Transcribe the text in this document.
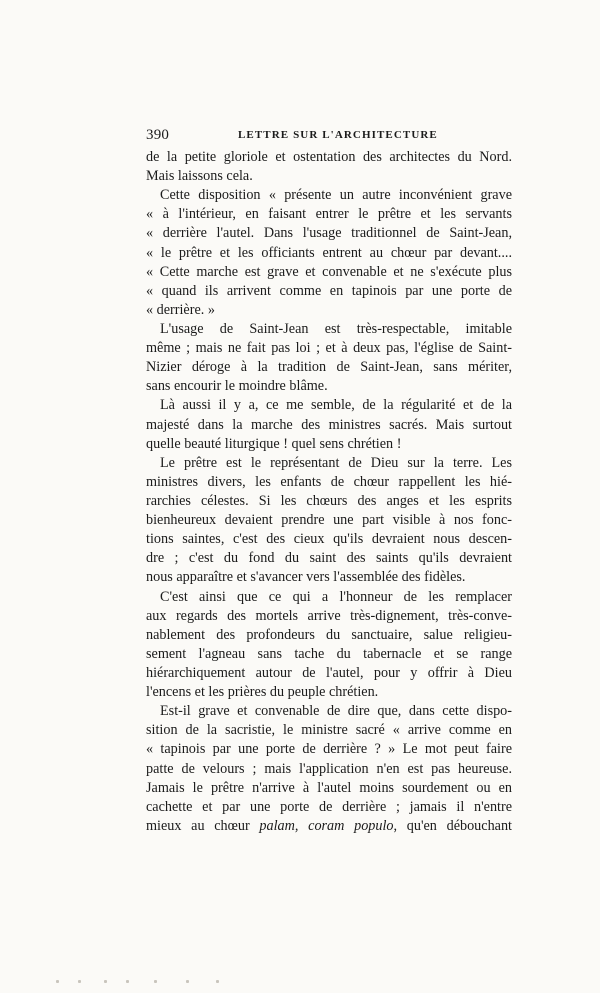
390	LETTRE SUR L'ARCHITECTURE
de la petite gloriole et ostentation des architectes du Nord.
Mais laissons cela.
Cette disposition « présente un autre inconvénient grave
« à l'intérieur, en faisant entrer le prêtre et les servants
« derrière l'autel. Dans l'usage traditionnel de Saint-Jean,
« le prêtre et les officiants entrent au chœur par devant....
« Cette marche est grave et convenable et ne s'exécute plus
« quand ils arrivent comme en tapinois par une porte de
« derrière. »
L'usage de Saint-Jean est très-respectable, imitable
même ; mais ne fait pas loi ; et à deux pas, l'église de Saint-
Nizier déroge à la tradition de Saint-Jean, sans mériter,
sans encourir le moindre blâme.
Là aussi il y a, ce me semble, de la régularité et de la
majesté dans la marche des ministres sacrés. Mais surtout
quelle beauté liturgique ! quel sens chrétien !
Le prêtre est le représentant de Dieu sur la terre. Les
ministres divers, les enfants de chœur rappellent les hié-
rarchies célestes. Si les chœurs des anges et les esprits
bienheureux devaient prendre une part visible à nos fonc-
tions saintes, c'est des cieux qu'ils devraient nous descen-
dre ; c'est du fond du saint des saints qu'ils devraient
nous apparaître et s'avancer vers l'assemblée des fidèles.
C'est ainsi que ce qui a l'honneur de les remplacer
aux regards des mortels arrive très-dignement, très-conve-
nablement des profondeurs du sanctuaire, salue religieu-
sement l'agneau sans tache du tabernacle et se range
hiérarchiquement autour de l'autel, pour y offrir à Dieu
l'encens et les prières du peuple chrétien.
Est-il grave et convenable de dire que, dans cette dispo-
sition de la sacristie, le ministre sacré « arrive comme en
« tapinois par une porte de derrière ? » Le mot peut faire
patte de velours ; mais l'application n'en est pas heureuse.
Jamais le prêtre n'arrive à l'autel moins sourdement ou en
cachette et par une porte de derrière ; jamais il n'entre
mieux au chœur palam, coram populo, qu'en débouchant
